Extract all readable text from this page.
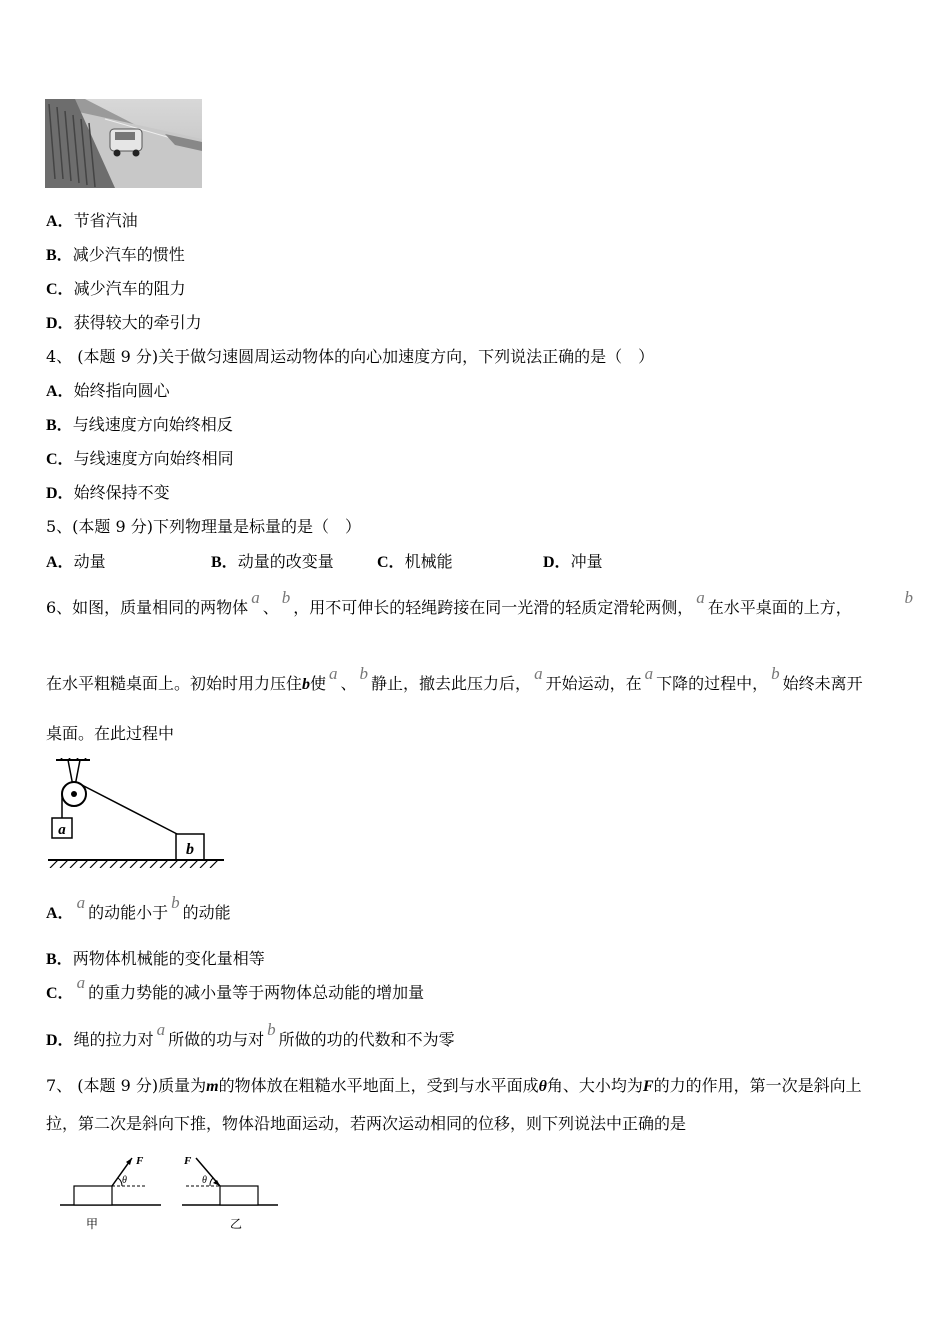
A．节省汽油
B．减少汽车的惯性
C．减少汽车的阻力
D．获得较大的牵引力
4、 (本题 9 分)关于做匀速圆周运动物体的向心加速度方向，下列说法正确的是（　）
A．始终指向圆心
B．与线速度方向始终相反
C．与线速度方向始终相同
D．始终保持不变
5、(本题 9 分)下列物理量是标量的是（　）
A．动量	B．动量的改变量	C．机械能	D．冲量
6、如图，质量相同的两物体a、b，用不可伸长的轻绳跨接在同一光滑的轻质定滑轮两侧，a在水平桌面的上方，
b
在水平粗糙桌面上。初始时用力压住b使a、b静止，撤去此压力后，a开始运动，在a下降的过程中，b始终未离开
桌面。在此过程中
a
b
A．a的动能小于b的动能
B．两物体机械能的变化量相等
C．a的重力势能的减小量等于两物体总动能的增加量
D．绳的拉力对a所做的功与对b所做的功的代数和不为零
7、 (本题 9 分)质量为m的物体放在粗糙水平地面上，受到与水平面成θ角、大小均为F的力的作用，第一次是斜向上
拉，第二次是斜向下推，物体沿地面运动，若两次运动相同的位移，则下列说法中正确的是
F
θ
甲
F
θ
乙
